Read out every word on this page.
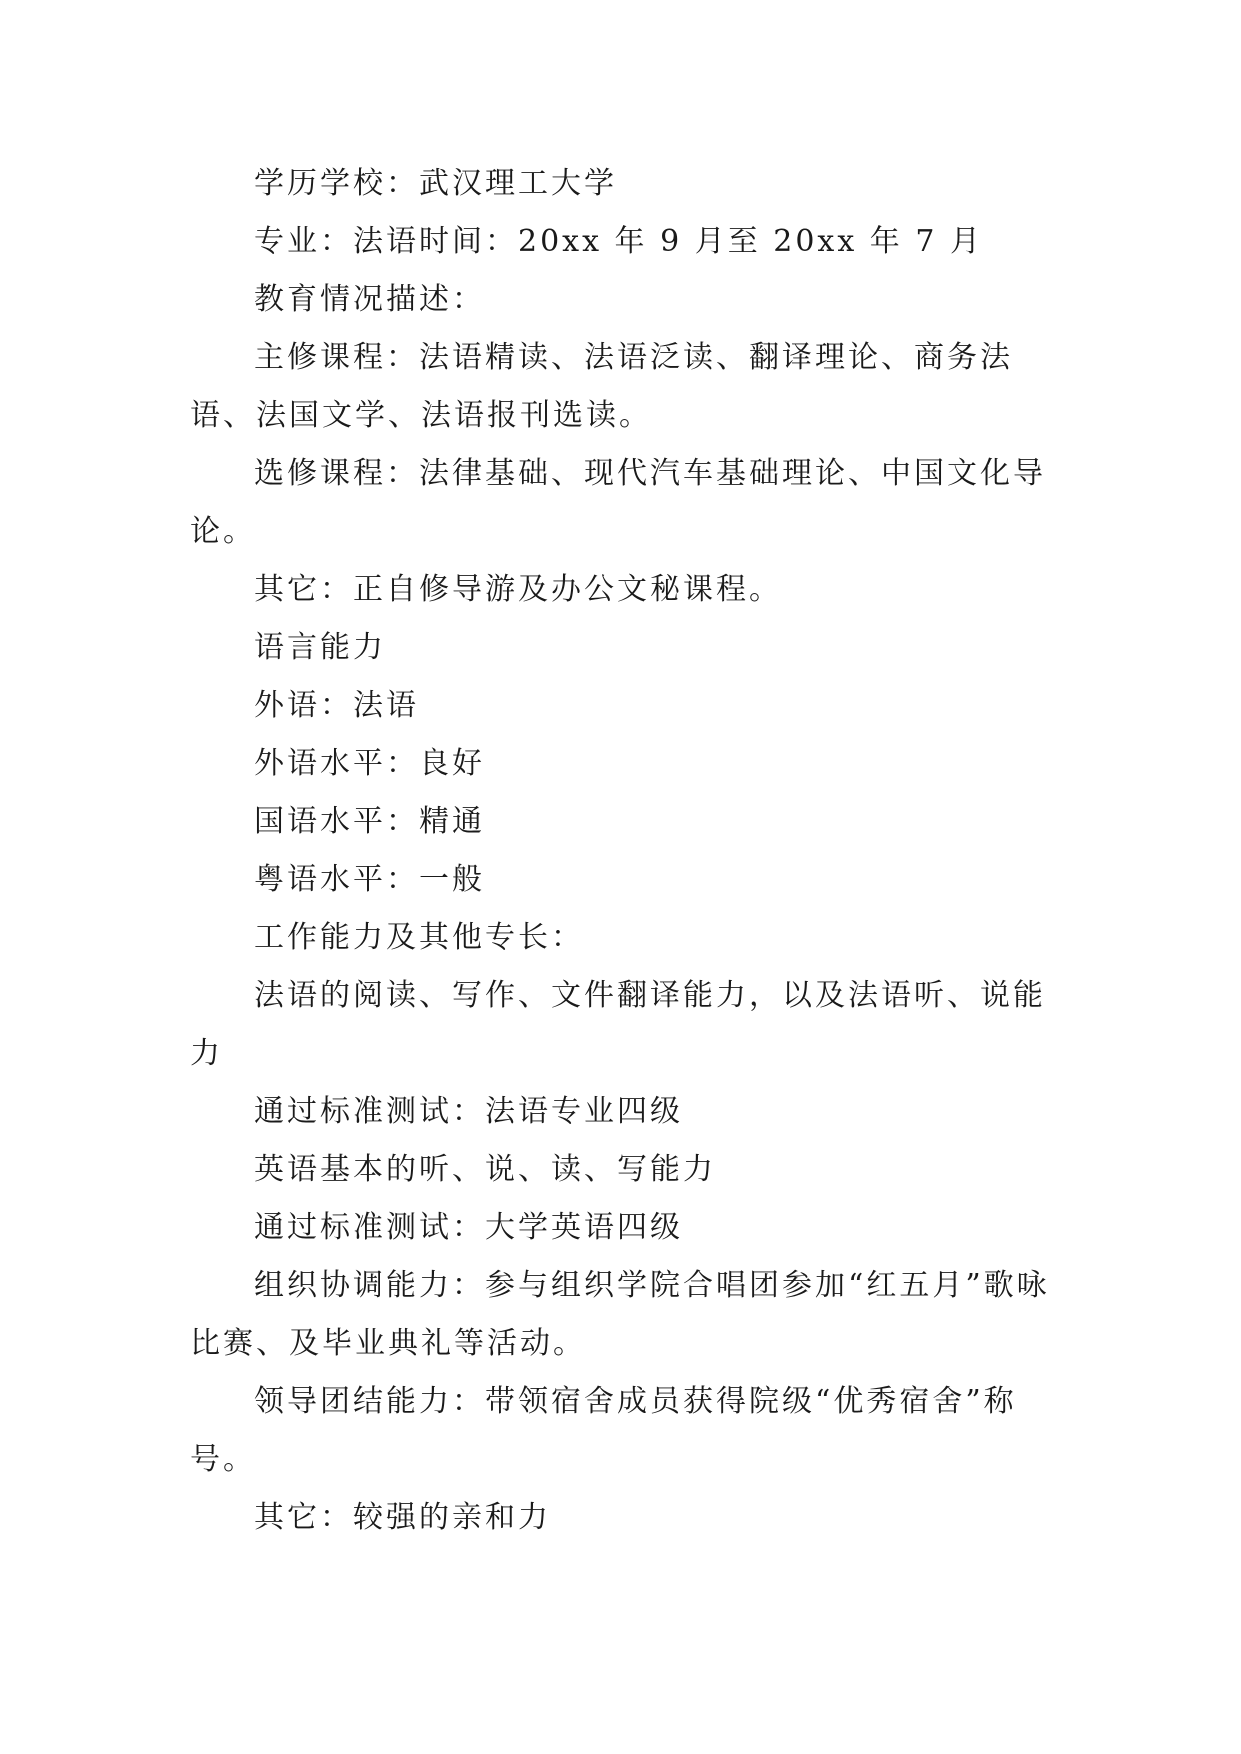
学历学校：武汉理工大学

专业：法语时间：20xx 年 9 月至 20xx 年 7 月

教育情况描述：

主修课程：法语精读、法语泛读、翻译理论、商务法语、法国文学、法语报刊选读。

选修课程：法律基础、现代汽车基础理论、中国文化导论。

其它：正自修导游及办公文秘课程。

语言能力

外语：法语

外语水平：良好

国语水平：精通

粤语水平：一般

工作能力及其他专长：

法语的阅读、写作、文件翻译能力，以及法语听、说能力

通过标准测试：法语专业四级

英语基本的听、说、读、写能力

通过标准测试：大学英语四级

组织协调能力：参与组织学院合唱团参加“红五月”歌咏比赛、及毕业典礼等活动。

领导团结能力：带领宿舍成员获得院级“优秀宿舍”称号。

其它：较强的亲和力
